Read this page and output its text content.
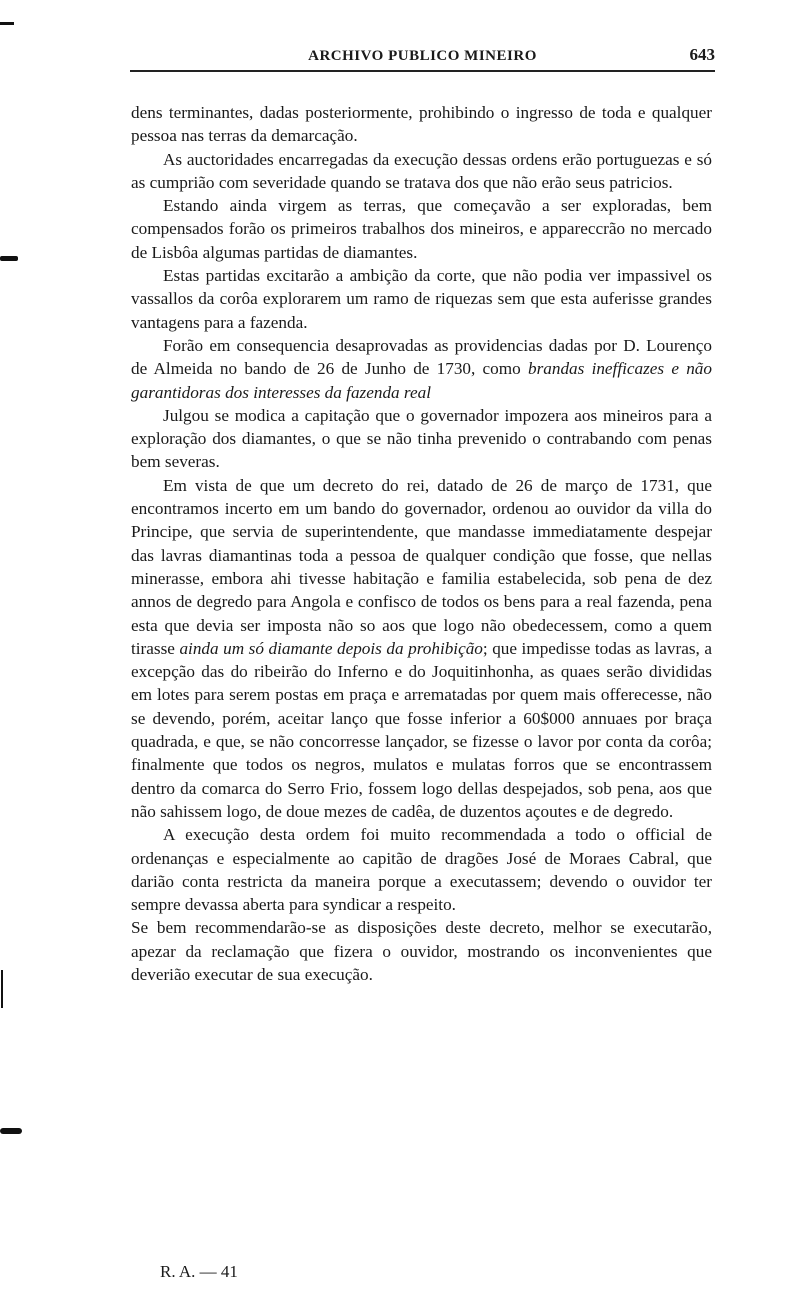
ARCHIVO PUBLICO MINEIRO	643

dens terminantes, dadas posteriormente, prohibindo o ingresso de toda e qualquer pessoa nas terras da demarcação.

As auctoridades encarregadas da execução dessas ordens erão portuguezas e só as cumprião com severidade quando se tratava dos que não erão seus patricios.

Estando ainda virgem as terras, que começavão a ser exploradas, bem compensados forão os primeiros trabalhos dos mineiros, e appareccrão no mercado de Lisbôa algumas partidas de diamantes.

Estas partidas excitarão a ambição da corte, que não podia ver impassivel os vassallos da corôa explorarem um ramo de riquezas sem que esta auferisse grandes vantagens para a fazenda.

Forão em consequencia desaprovadas as providencias dadas por D. Lourenço de Almeida no bando de 26 de Junho de 1730, como brandas inefficazes e não garantidoras dos interesses da fazenda real

Julgou se modica a capitação que o governador impozera aos mineiros para a exploração dos diamantes, o que se não tinha prevenido o contrabando com penas bem severas.

Em vista de que um decreto do rei, datado de 26 de março de 1731, que encontramos incerto em um bando do governador, ordenou ao ouvidor da villa do Principe, que servia de superintendente, que mandasse immediatamente despejar das lavras diamantinas toda a pessoa de qualquer condição que fosse, que nellas minerasse, embora ahi tivesse habitação e familia estabelecida, sob pena de dez annos de degredo para Angola e confisco de todos os bens para a real fazenda, pena esta que devia ser imposta não so aos que logo não obedecessem, como a quem tirasse ainda um só diamante depois da prohibição; que impedisse todas as lavras, a excepção das do ribeirão do Inferno e do Joquitinhonha, as quaes serão divididas em lotes para serem postas em praça e arrematadas por quem mais offerecesse, não se devendo, porém, aceitar lanço que fosse inferior a 60$000 annuaes por braça quadrada, e que, se não concorresse lançador, se fizesse o lavor por conta da corôa; finalmente que todos os negros, mulatos e mulatas forros que se encontrassem dentro da comarca do Serro Frio, fossem logo dellas despejados, sob pena, aos que não sahissem logo, de doue mezes de cadêa, de duzentos açoutes e de degredo.

A execução desta ordem foi muito recommendada a todo o official de ordenanças e especialmente ao capitão de dragões José de Moraes Cabral, que darião conta restricta da maneira porque a executassem; devendo o ouvidor ter sempre devassa aberta para syndicar a respeito.

Se bem recommendarão-se as disposições deste decreto, melhor se executarão, apezar da reclamação que fizera o ouvidor, mostrando os inconvenientes que deverião executar de sua execução.

R. A. — 41
